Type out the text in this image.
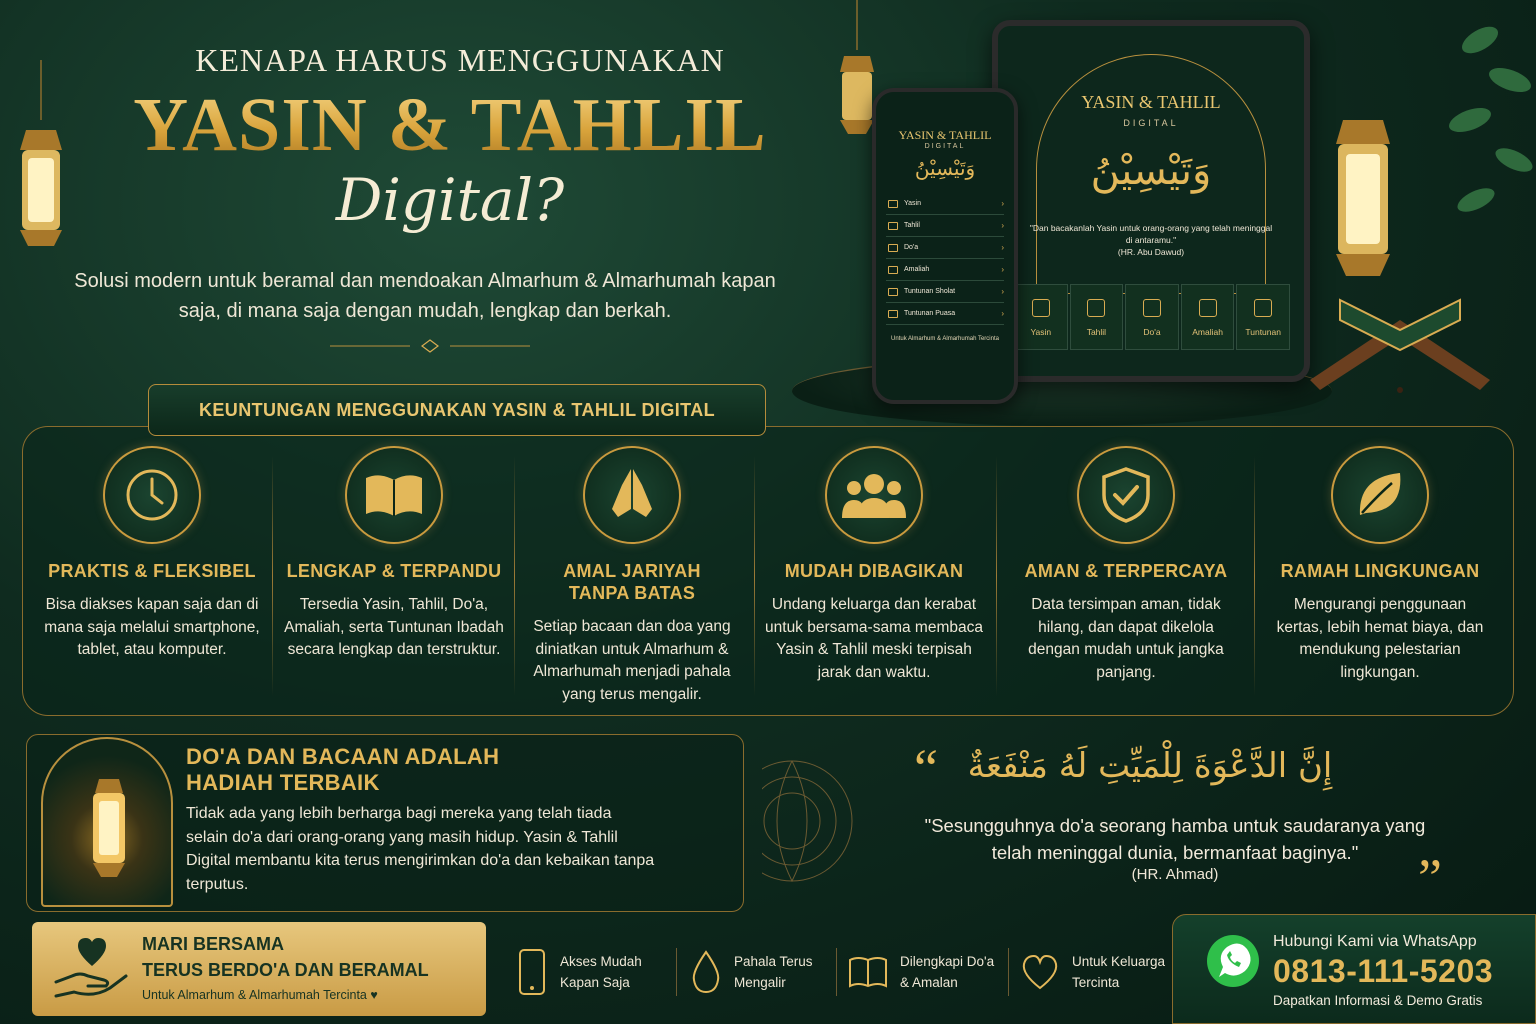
KENAPA HARUS MENGGUNAKAN
YASIN & TAHLIL
Digital?
Solusi modern untuk beramal dan mendoakan Almarhum & Almarhumah kapan saja, di mana saja dengan mudah, lengkap dan berkah.
YASIN & TAHLIL
DIGITAL
وَتَيْسِيْنُ
"Dan bacakanlah Yasin untuk orang-orang yang telah meninggal di antaramu."
(HR. Abu Dawud)
Yasin	Tahlil	Do'a	Amaliah	Tuntunan
YASIN & TAHLIL
DIGITAL
وَتَيْسِيْنُ
Yasin	›
Tahlil	›
Do'a	›
Amaliah	›
Tuntunan Sholat	›
Tuntunan Puasa	›
Untuk Almarhum & Almarhumah Tercinta
KEUNTUNGAN MENGGUNAKAN YASIN & TAHLIL DIGITAL
PRAKTIS & FLEKSIBEL

Bisa diakses kapan saja dan di mana saja melalui smartphone, tablet, atau komputer.

LENGKAP & TERPANDU

Tersedia Yasin, Tahlil, Do'a, Amaliah, serta Tuntunan Ibadah secara lengkap dan terstruktur.

AMAL JARIYAH TANPA BATAS

Setiap bacaan dan doa yang diniatkan untuk Almarhum & Almarhumah menjadi pahala yang terus mengalir.

MUDAH DIBAGIKAN

Undang keluarga dan kerabat untuk bersama-sama membaca Yasin & Tahlil meski terpisah jarak dan waktu.

AMAN & TERPERCAYA

Data tersimpan aman, tidak hilang, dan dapat dikelola dengan mudah untuk jangka panjang.

RAMAH LINGKUNGAN

Mengurangi penggunaan kertas, lebih hemat biaya, dan mendukung pelestarian lingkungan.

DO'A DAN BACAAN ADALAH
HADIAH TERBAIK
Tidak ada yang lebih berharga bagi mereka yang telah tiada selain do'a dari orang-orang yang masih hidup. Yasin & Tahlil Digital membantu kita terus mengirimkan do'a dan kebaikan tanpa terputus.
“ إِنَّ الدَّعْوَةَ لِلْمَيِّتِ لَهُ مَنْفَعَةٌ
"Sesungguhnya do'a seorang hamba untuk saudaranya yang telah meninggal dunia, bermanfaat baginya."
(HR. Ahmad)	”
MARI BERSAMA
TERUS BERDO'A DAN BERAMAL
Untuk Almarhum & Almarhumah Tercinta ♥
Akses Mudah
Kapan Saja
Pahala Terus
Mengalir
Dilengkapi Do'a
& Amalan
Untuk Keluarga
Tercinta
Hubungi Kami via WhatsApp
0813-111-5203
Dapatkan Informasi & Demo Gratis
